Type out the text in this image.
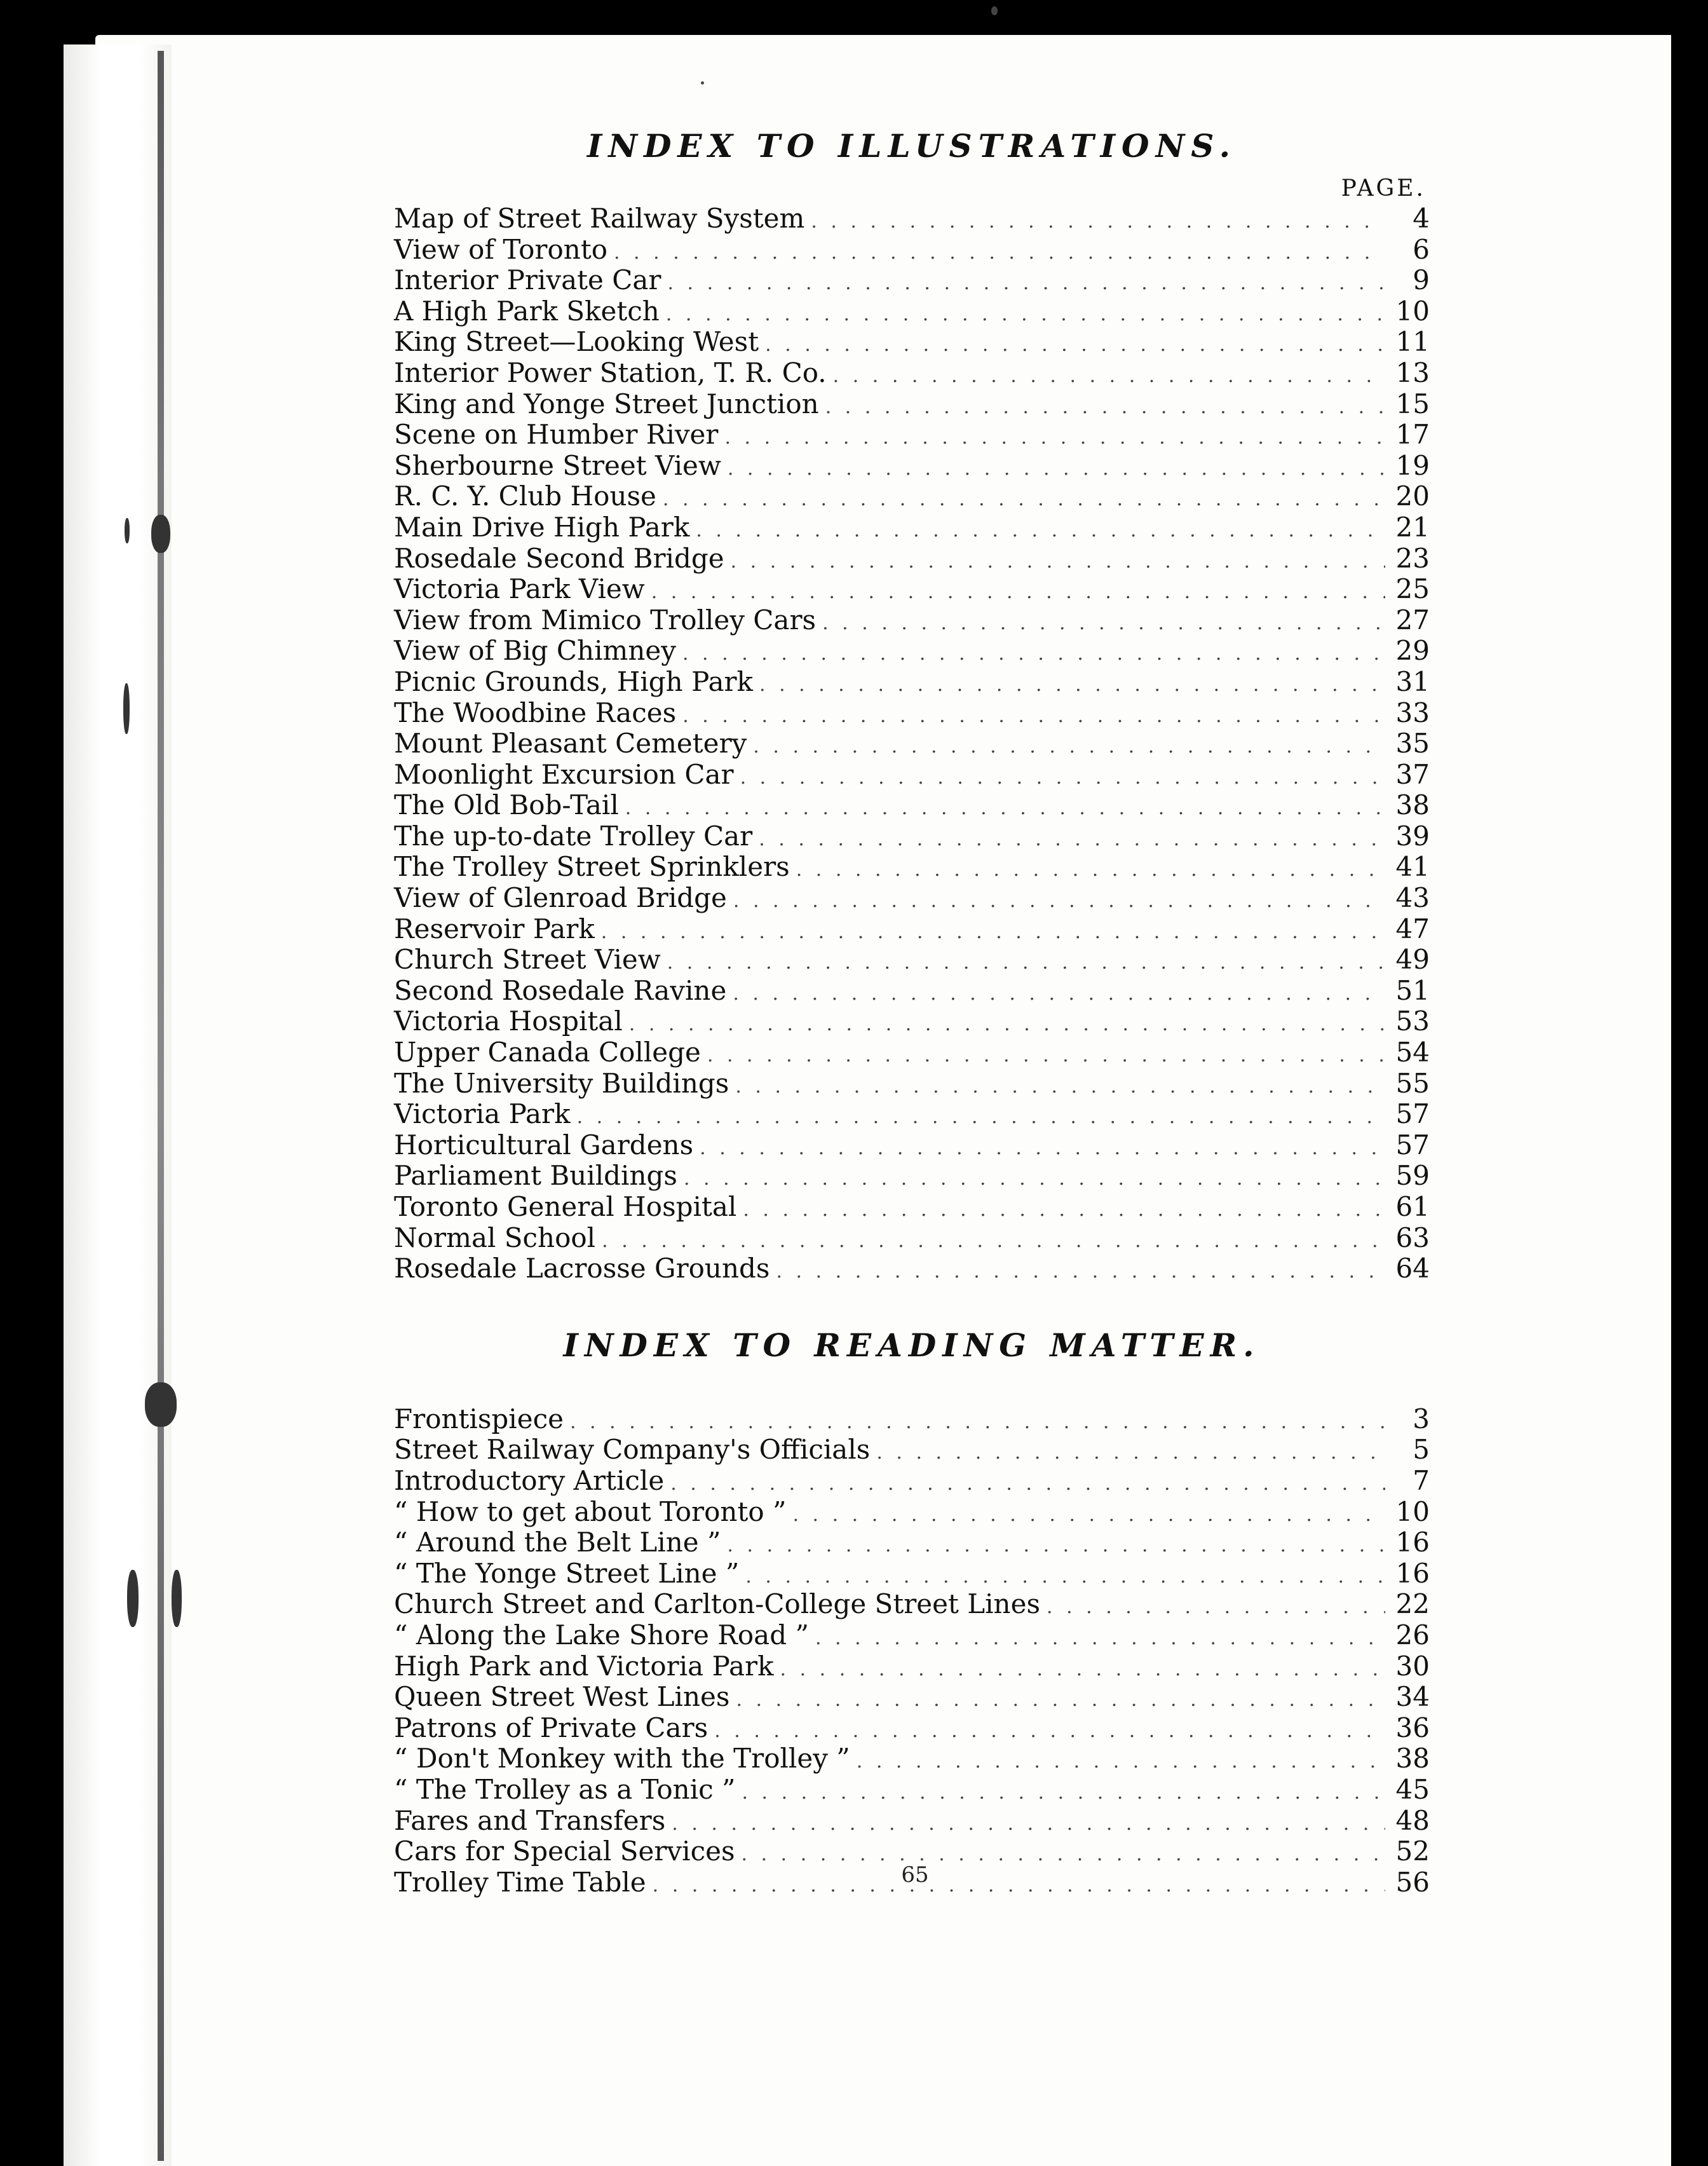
INDEX TO ILLUSTRATIONS.
PAGE.
Map of Street Railway System . . .	4
View of Toronto . . .	6
Interior Private Car . . .	9
A High Park Sketch . . .	10
King Street—Looking West . . .	11
Interior Power Station, T. R. Co. . . .	13
King and Yonge Street Junction . . .	15
Scene on Humber River . . .	17
Sherbourne Street View . . .	19
R. C. Y. Club House . . .	20
Main Drive High Park . . .	21
Rosedale Second Bridge . . .	23
Victoria Park View . . .	25
View from Mimico Trolley Cars . . .	27
View of Big Chimney . . .	29
Picnic Grounds, High Park . . .	31
The Woodbine Races . . .	33
Mount Pleasant Cemetery . . .	35
Moonlight Excursion Car . . .	37
The Old Bob-Tail . . .	38
The up-to-date Trolley Car . . .	39
The Trolley Street Sprinklers . . .	41
View of Glenroad Bridge . . .	43
Reservoir Park . . .	47
Church Street View . . .	49
Second Rosedale Ravine . . .	51
Victoria Hospital . . .	53
Upper Canada College . . .	54
The University Buildings . . .	55
Victoria Park . . .	57
Horticultural Gardens . . .	57
Parliament Buildings . . .	59
Toronto General Hospital . . .	61
Normal School . . .	63
Rosedale Lacrosse Grounds . . .	64
INDEX TO READING MATTER.
Frontispiece . . .	3
Street Railway Company's Officials . . .	5
Introductory Article . . .	7
“ How to get about Toronto ” . . .	10
“ Around the Belt Line ” . . .	16
“ The Yonge Street Line ” . . .	16
Church Street and Carlton-College Street Lines . . .	22
“ Along the Lake Shore Road ” . . .	26
High Park and Victoria Park . . .	30
Queen Street West Lines . . .	34
Patrons of Private Cars . . .	36
“ Don't Monkey with the Trolley ” . . .	38
“ The Trolley as a Tonic ” . . .	45
Fares and Transfers . . .	48
Cars for Special Services . . .	52
Trolley Time Table . . .	56
65
